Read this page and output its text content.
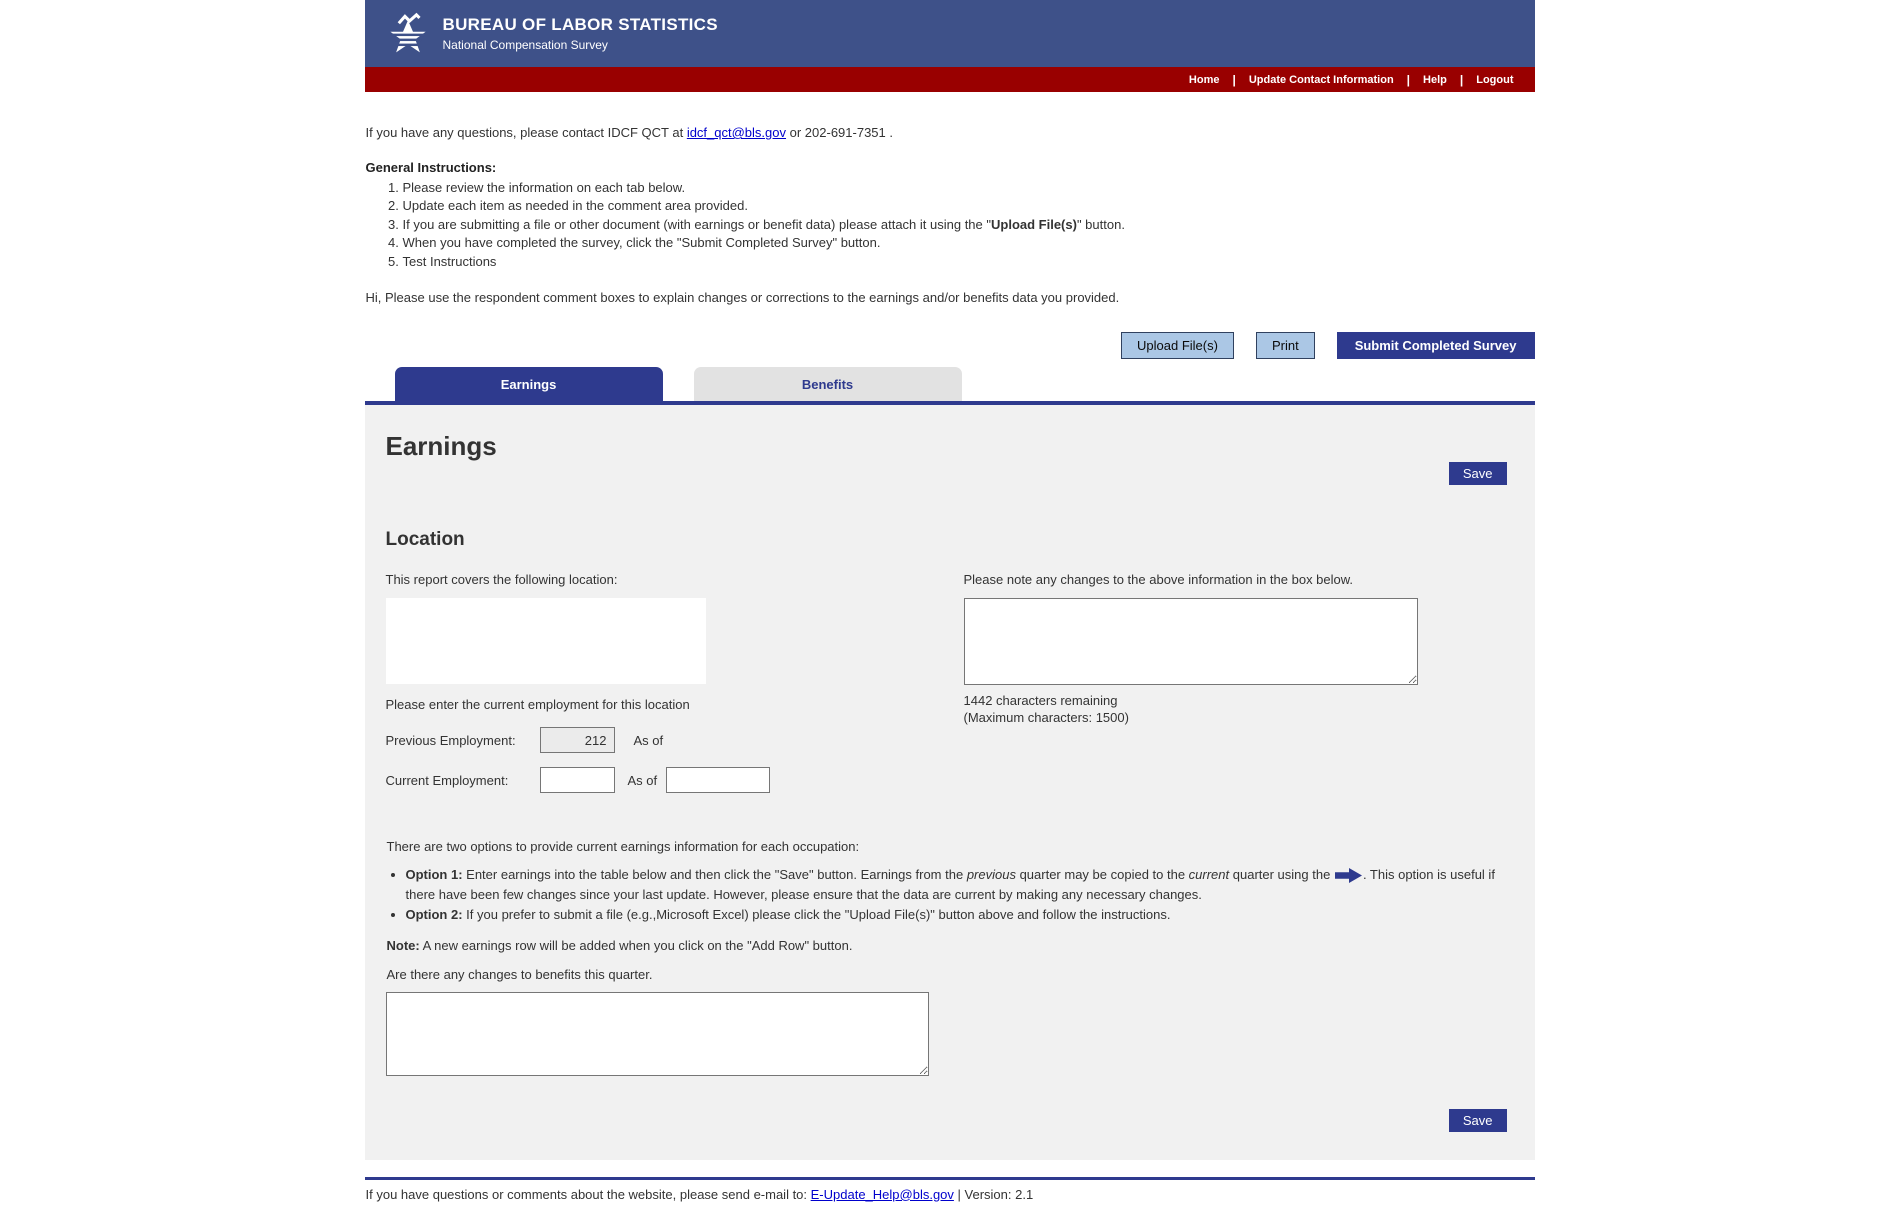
BUREAU OF LABOR STATISTICS
National Compensation Survey
Home	|	Update Contact Information	|	Help	|	Logout

If you have any questions, please contact IDCF QCT at idcf_qct@bls.gov or 202-691-7351 .

General Instructions:

1. Please review the information on each tab below.
2. Update each item as needed in the comment area provided.
3. If you are submitting a file or other document (with earnings or benefit data) please attach it using the "Upload File(s)" button.
4. When you have completed the survey, click the "Submit Completed Survey" button.
5. Test Instructions

Hi, Please use the respondent comment boxes to explain changes or corrections to the earnings and/or benefits data you provided.

Upload File(s)	Print	Submit Completed Survey
Earnings	Benefits
Earnings
Save
Location

This report covers the following location:

Please enter the current employment for this location

Previous Employment:
212	As of
Current Employment:	As of

Please note any changes to the above information in the box below.

1442 characters remaining

(Maximum characters: 1500)

There are two options to provide current earnings information for each occupation:

• Option 1: Enter earnings into the table below and then click the "Save" button. Earnings from the previous quarter may be copied to the current quarter using the . This option is useful if there have been few changes since your last update. However, please ensure that the data are current by making any necessary changes.
• Option 2: If you prefer to submit a file (e.g.,Microsoft Excel) please click the "Upload File(s)" button above and follow the instructions.

Note: A new earnings row will be added when you click on the "Add Row" button.

Are there any changes to benefits this quarter.

Save

If you have questions or comments about the website, please send e-mail to: E-Update_Help@bls.gov | Version: 2.1
